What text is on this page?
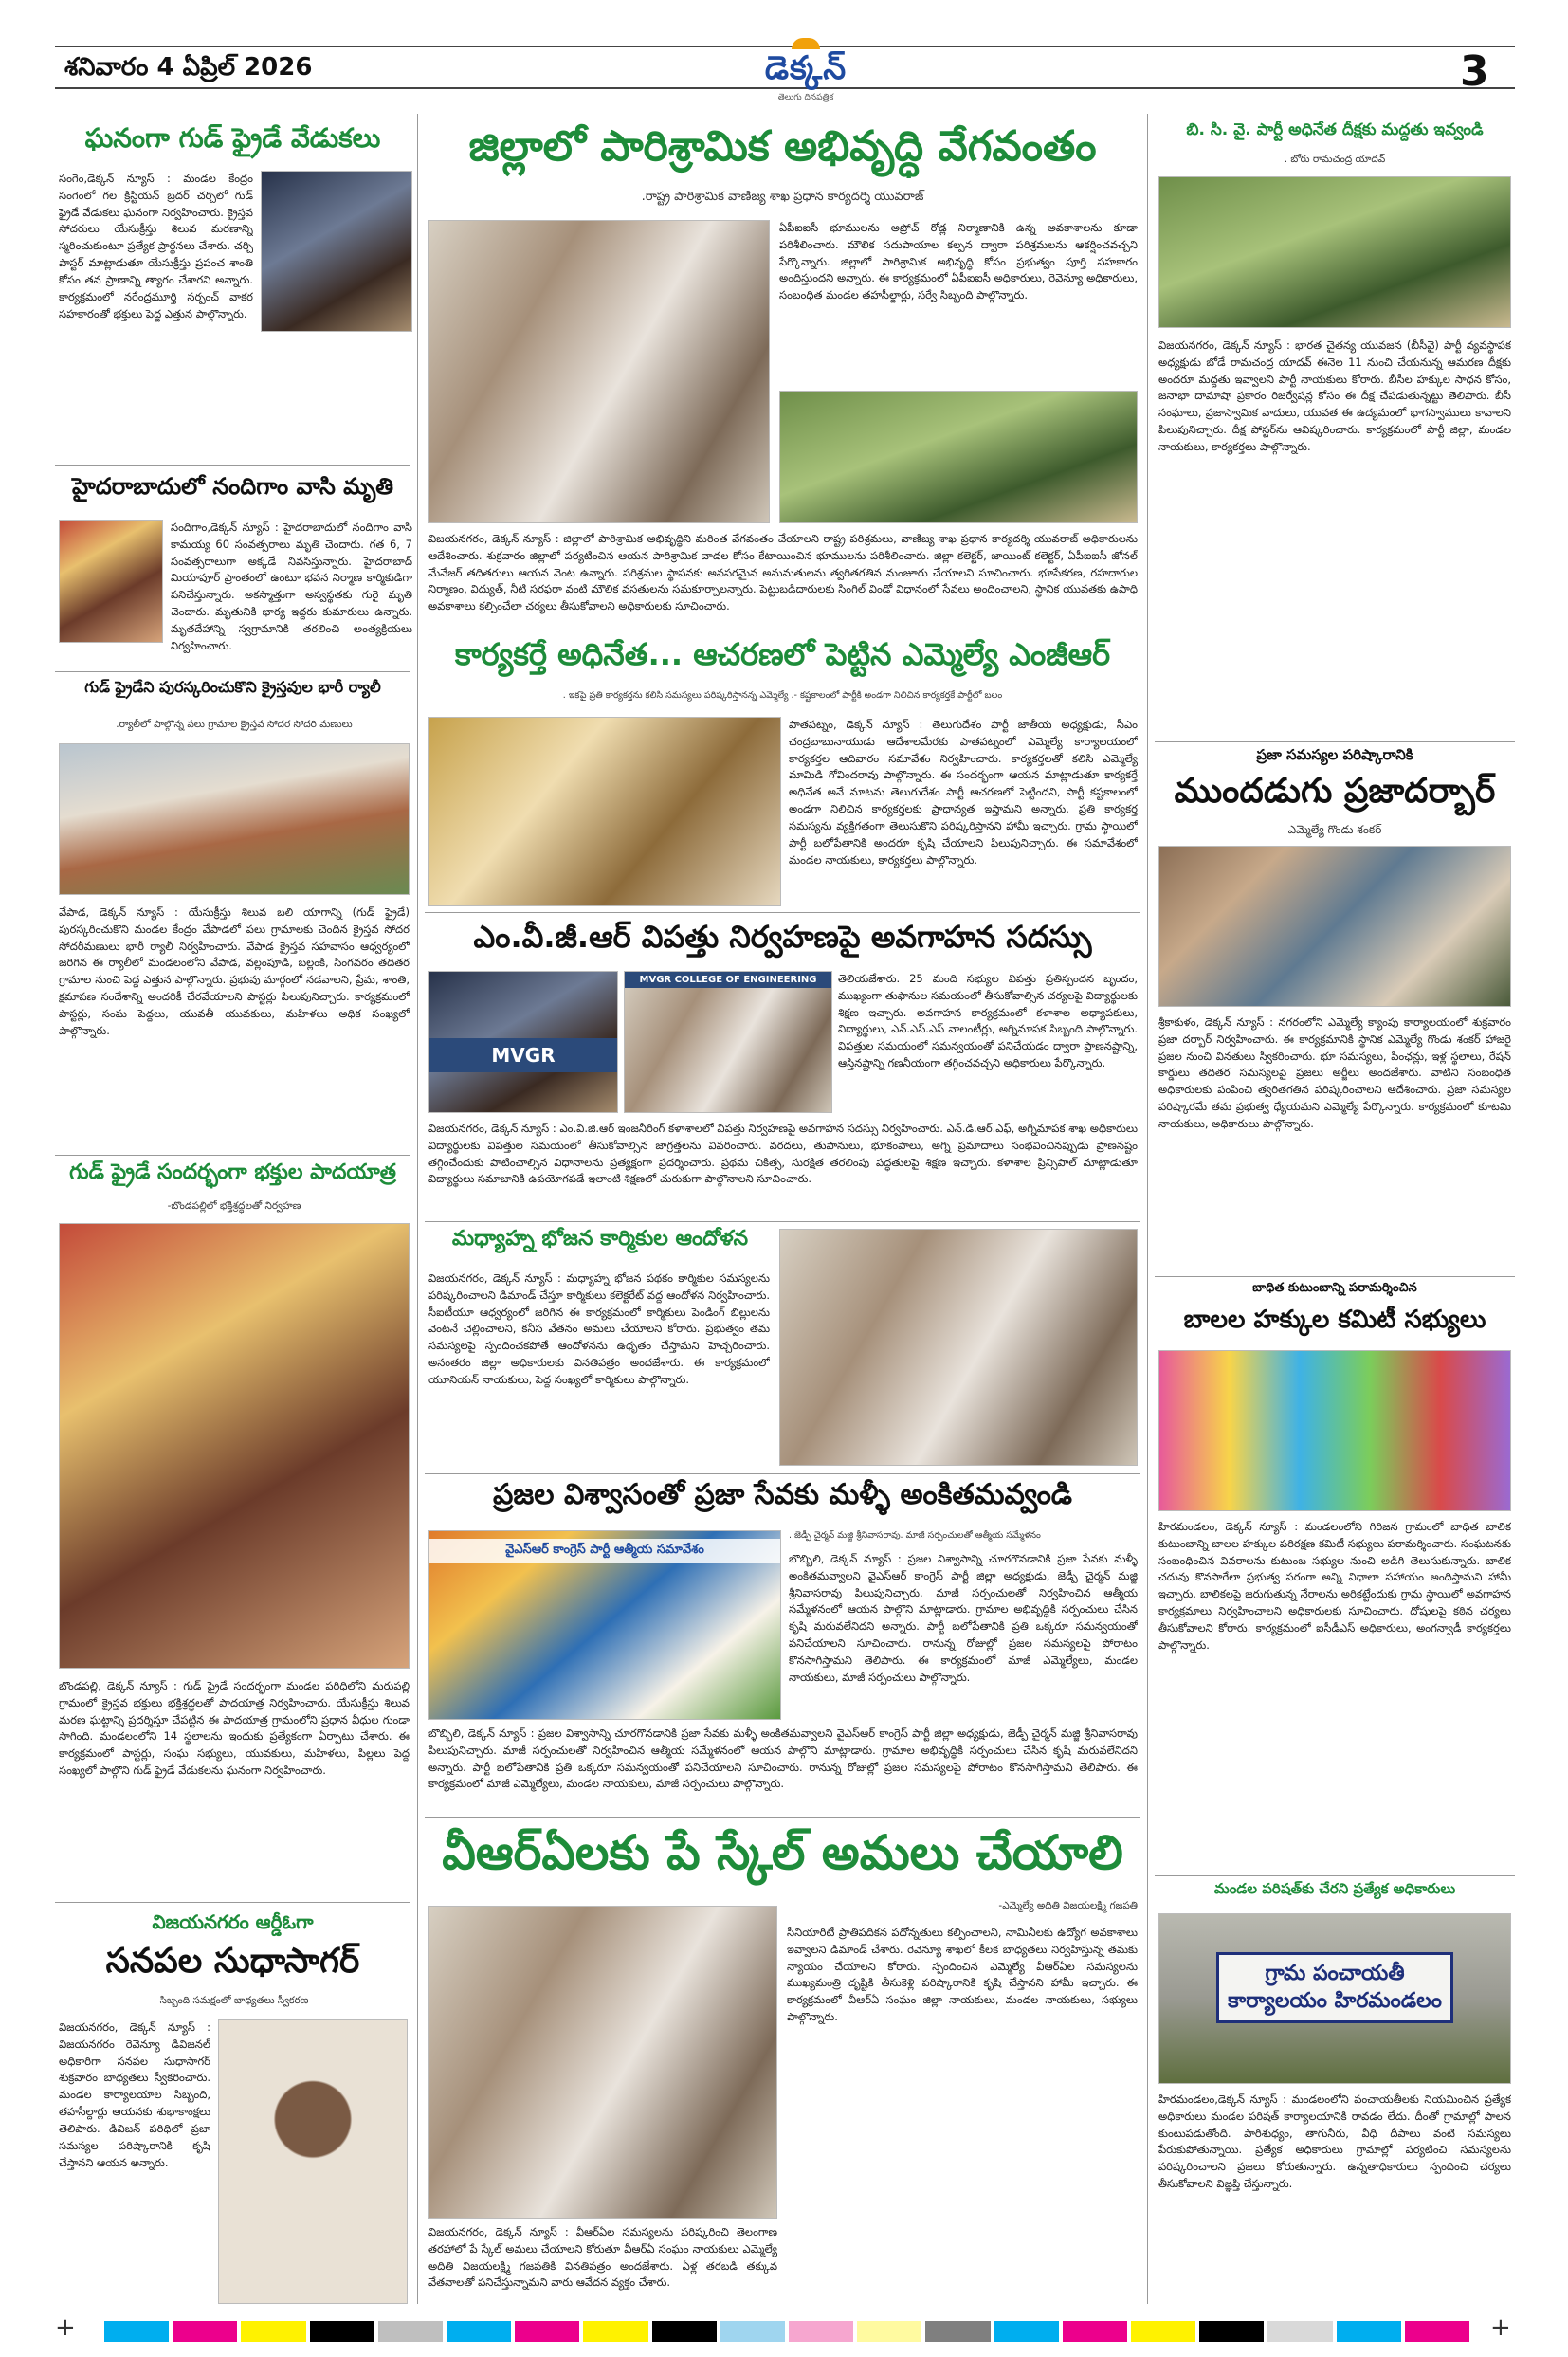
శనివారం 4 ఏప్రిల్ 2026	డెక్కన్
తెలుగు దినపత్రిక
3
ఘనంగా గుడ్ ఫ్రైడే వేడుకలు
సంగెం,డెక్కన్ న్యూస్ : మండల కేంద్రం సంగెంలో గల క్రిస్టియన్ బ్రదర్ చర్చిలో గుడ్ ఫ్రైడే వేడుకలు ఘనంగా నిర్వహించారు. క్రైస్తవ సోదరులు యేసుక్రీస్తు శిలువ మరణాన్ని స్మరించుకుంటూ ప్రత్యేక ప్రార్థనలు చేశారు. చర్చి పాస్టర్ మాట్లాడుతూ యేసుక్రీస్తు ప్రపంచ శాంతి కోసం తన ప్రాణాన్ని త్యాగం చేశారని అన్నారు. కార్యక్రమంలో నరేంద్రమూర్తి సర్పంచ్ వాకర సహకారంతో భక్తులు పెద్ద ఎత్తున పాల్గొన్నారు.
హైదరాబాదులో నందిగాం వాసి మృతి
సందిగాం,డెక్కన్ న్యూస్ : హైదరాబాదులో నందిగాం వాసి కామయ్య 60 సంవత్సరాలు మృతి చెందారు. గత 6, 7 సంవత్సరాలుగా అక్కడే నివసిస్తున్నారు. హైదరాబాద్ మియాపూర్ ప్రాంతంలో ఉంటూ భవన నిర్మాణ కార్మికుడిగా పనిచేస్తున్నారు. అకస్మాత్తుగా అస్వస్థతకు గురై మృతి చెందారు. మృతునికి భార్య ఇద్దరు కుమారులు ఉన్నారు. మృతదేహాన్ని స్వగ్రామానికి తరలించి అంత్యక్రియలు నిర్వహించారు.
గుడ్ ఫ్రైడేని పురస్కరించుకొని క్రైస్తవుల భారీ ర్యాలీ
.ర్యాలీలో పాల్గొన్న పలు గ్రామాల క్రైస్తవ సోదర సోదరి మణులు
వేపాడ, డెక్కన్ న్యూస్ : యేసుక్రీస్తు శిలువ బలి యాగాన్ని (గుడ్ ఫ్రైడే) పురస్కరించుకొని మండల కేంద్రం వేపాడలో పలు గ్రామాలకు చెందిన క్రైస్తవ సోదర సోదరీమణులు భారీ ర్యాలీ నిర్వహించారు. వేపాడ క్రైస్తవ సహవాసం ఆధ్వర్యంలో జరిగిన ఈ ర్యాలీలో మండలంలోని వేపాడ, వల్లంపూడి, బల్లంకి, సింగవరం తదితర గ్రామాల నుంచి పెద్ద ఎత్తున పాల్గొన్నారు. ప్రభువు మార్గంలో నడవాలని, ప్రేమ, శాంతి, క్షమాపణ సందేశాన్ని అందరికీ చేరవేయాలని పాస్టర్లు పిలుపునిచ్చారు. కార్యక్రమంలో పాస్టర్లు, సంఘ పెద్దలు, యువతీ యువకులు, మహిళలు అధిక సంఖ్యలో పాల్గొన్నారు.
గుడ్ ఫ్రైడే సందర్భంగా భక్తుల పాదయాత్ర
-బొండపల్లిలో భక్తిశ్రద్ధలతో నిర్వహణ
బొండపల్లి, డెక్కన్ న్యూస్ : గుడ్ ఫ్రైడే సందర్భంగా మండల పరిధిలోని మరుపల్లి గ్రామంలో క్రైస్తవ భక్తులు భక్తిశ్రద్ధలతో పాదయాత్ర నిర్వహించారు. యేసుక్రీస్తు శిలువ మరణ ఘట్టాన్ని ప్రదర్శిస్తూ చేపట్టిన ఈ పాదయాత్ర గ్రామంలోని ప్రధాన వీధుల గుండా సాగింది. మండలంలోని 14 స్థలాలను ఇందుకు ప్రత్యేకంగా ఏర్పాటు చేశారు. ఈ కార్యక్రమంలో పాస్టర్లు, సంఘ సభ్యులు, యువకులు, మహిళలు, పిల్లలు పెద్ద సంఖ్యలో పాల్గొని గుడ్ ఫ్రైడే వేడుకలను ఘనంగా నిర్వహించారు.
విజయనగరం ఆర్డీఓగా
సనపల సుధాసాగర్
సిబ్బంది సమక్షంలో బాధ్యతలు స్వీకరణ
విజయనగరం, డెక్కన్ న్యూస్ : విజయనగరం రెవెన్యూ డివిజనల్ అధికారిగా సనపల సుధాసాగర్ శుక్రవారం బాధ్యతలు స్వీకరించారు. మండల కార్యాలయాల సిబ్బంది, తహసీల్దార్లు ఆయనకు శుభాకాంక్షలు తెలిపారు. డివిజన్ పరిధిలో ప్రజా సమస్యల పరిష్కారానికి కృషి చేస్తానని ఆయన అన్నారు.
జిల్లాలో పారిశ్రామిక అభివృద్ధి వేగవంతం
.రాష్ట్ర పారిశ్రామిక వాణిజ్య శాఖ ప్రధాన కార్యదర్శి యువరాజ్
ఏపీఐఐసీ భూములను అప్రోచ్ రోడ్ల నిర్మాణానికి ఉన్న అవకాశాలను కూడా పరిశీలించారు. మౌలిక సదుపాయాల కల్పన ద్వారా పరిశ్రమలను ఆకర్షించవచ్చని పేర్కొన్నారు. జిల్లాలో పారిశ్రామిక అభివృద్ధి కోసం ప్రభుత్వం పూర్తి సహకారం అందిస్తుందని అన్నారు. ఈ కార్యక్రమంలో ఏపీఐఐసీ అధికారులు, రెవెన్యూ అధికారులు, సంబంధిత మండల తహసీల్దార్లు, సర్వే సిబ్బంది పాల్గొన్నారు.
విజయనగరం, డెక్కన్ న్యూస్ : జిల్లాలో పారిశ్రామిక అభివృద్ధిని మరింత వేగవంతం చేయాలని రాష్ట్ర పరిశ్రమలు, వాణిజ్య శాఖ ప్రధాన కార్యదర్శి యువరాజ్ అధికారులను ఆదేశించారు. శుక్రవారం జిల్లాలో పర్యటించిన ఆయన పారిశ్రామిక వాడల కోసం కేటాయించిన భూములను పరిశీలించారు. జిల్లా కలెక్టర్, జాయింట్ కలెక్టర్, ఏపీఐఐసీ జోనల్ మేనేజర్ తదితరులు ఆయన వెంట ఉన్నారు. పరిశ్రమల స్థాపనకు అవసరమైన అనుమతులను త్వరితగతిన మంజూరు చేయాలని సూచించారు. భూసేకరణ, రహదారుల నిర్మాణం, విద్యుత్, నీటి సరఫరా వంటి మౌలిక వసతులను సమకూర్చాలన్నారు. పెట్టుబడిదారులకు సింగిల్ విండో విధానంలో సేవలు అందించాలని, స్థానిక యువతకు ఉపాధి అవకాశాలు కల్పించేలా చర్యలు తీసుకోవాలని అధికారులకు సూచించారు.
కార్యకర్తే అధినేత... ఆచరణలో పెట్టిన ఎమ్మెల్యే ఎంజీఆర్
. ఇకపై ప్రతి కార్యకర్తను కలిసి సమస్యలు పరిష్కరిస్తానన్న ఎమ్మెల్యే .- కష్టకాలంలో పార్టీకి అండగా నిలిచిన కార్యకర్తకే పార్టీలో బలం
పాతపట్నం, డెక్కన్ న్యూస్ : తెలుగుదేశం పార్టీ జాతీయ అధ్యక్షుడు, సీఎం చంద్రబాబునాయుడు ఆదేశాలమేరకు పాతపట్నంలో ఎమ్మెల్యే కార్యాలయంలో కార్యకర్తల ఆదివారం సమావేశం నిర్వహించారు. కార్యకర్తలతో కలిసి ఎమ్మెల్యే మామిడి గోవిందరావు పాల్గొన్నారు. ఈ సందర్భంగా ఆయన మాట్లాడుతూ కార్యకర్తే అధినేత అనే మాటను తెలుగుదేశం పార్టీ ఆచరణలో పెట్టిందని, పార్టీ కష్టకాలంలో అండగా నిలిచిన కార్యకర్తలకు ప్రాధాన్యత ఇస్తామని అన్నారు. ప్రతి కార్యకర్త సమస్యను వ్యక్తిగతంగా తెలుసుకొని పరిష్కరిస్తానని హామీ ఇచ్చారు. గ్రామ స్థాయిలో పార్టీ బలోపేతానికి అందరూ కృషి చేయాలని పిలుపునిచ్చారు. ఈ సమావేశంలో మండల నాయకులు, కార్యకర్తలు పాల్గొన్నారు.
ఎం.వీ.జీ.ఆర్ విపత్తు నిర్వహణపై అవగాహన సదస్సు
MVGR
MVGR COLLEGE OF ENGINEERING	తెలియజేశారు. 25 మంది సభ్యుల విపత్తు ప్రతిస్పందన బృందం, ముఖ్యంగా తుఫానుల సమయంలో తీసుకోవాల్సిన చర్యలపై విద్యార్థులకు శిక్షణ ఇచ్చారు. అవగాహన కార్యక్రమంలో కళాశాల అధ్యాపకులు, విద్యార్థులు, ఎన్.ఎస్.ఎస్ వాలంటీర్లు, అగ్నిమాపక సిబ్బంది పాల్గొన్నారు. విపత్తుల సమయంలో సమన్వయంతో పనిచేయడం ద్వారా ప్రాణనష్టాన్ని, ఆస్తినష్టాన్ని గణనీయంగా తగ్గించవచ్చని అధికారులు పేర్కొన్నారు.
విజయనగరం, డెక్కన్ న్యూస్ : ఎం.వి.జి.ఆర్ ఇంజనీరింగ్ కళాశాలలో విపత్తు నిర్వహణపై అవగాహన సదస్సు నిర్వహించారు. ఎన్.డి.ఆర్.ఎఫ్, అగ్నిమాపక శాఖ అధికారులు విద్యార్థులకు విపత్తుల సమయంలో తీసుకోవాల్సిన జాగ్రత్తలను వివరించారు. వరదలు, తుపానులు, భూకంపాలు, అగ్ని ప్రమాదాలు సంభవించినప్పుడు ప్రాణనష్టం తగ్గించేందుకు పాటించాల్సిన విధానాలను ప్రత్యక్షంగా ప్రదర్శించారు. ప్రథమ చికిత్స, సురక్షిత తరలింపు పద్ధతులపై శిక్షణ ఇచ్చారు. కళాశాల ప్రిన్సిపాల్ మాట్లాడుతూ విద్యార్థులు సమాజానికి ఉపయోగపడే ఇలాంటి శిక్షణలో చురుకుగా పాల్గొనాలని సూచించారు.
మధ్యాహ్న భోజన కార్మికుల ఆందోళన
విజయనగరం, డెక్కన్ న్యూస్ : మధ్యాహ్న భోజన పథకం కార్మికుల సమస్యలను పరిష్కరించాలని డిమాండ్ చేస్తూ కార్మికులు కలెక్టరేట్ వద్ద ఆందోళన నిర్వహించారు. సీఐటీయూ ఆధ్వర్యంలో జరిగిన ఈ కార్యక్రమంలో కార్మికులు పెండింగ్ బిల్లులను వెంటనే చెల్లించాలని, కనీస వేతనం అమలు చేయాలని కోరారు. ప్రభుత్వం తమ సమస్యలపై స్పందించకపోతే ఆందోళనను ఉధృతం చేస్తామని హెచ్చరించారు. అనంతరం జిల్లా అధికారులకు వినతిపత్రం అందజేశారు. ఈ కార్యక్రమంలో యూనియన్ నాయకులు, పెద్ద సంఖ్యలో కార్మికులు పాల్గొన్నారు.
ప్రజల విశ్వాసంతో ప్రజా సేవకు మళ్ళీ అంకితమవ్వండి
వైఎస్ఆర్ కాంగ్రెస్ పార్టీ ఆత్మీయ సమావేశం
. జెడ్పీ చైర్మన్ మజ్జి శ్రీనివాసరావు. మాజీ సర్పంచులతో ఆత్మీయ సమ్మేళనం
బొబ్బిలి, డెక్కన్ న్యూస్ : ప్రజల విశ్వాసాన్ని చూరగొనడానికి ప్రజా సేవకు మళ్ళీ అంకితమవ్వాలని వైఎస్ఆర్ కాంగ్రెస్ పార్టీ జిల్లా అధ్యక్షుడు, జెడ్పీ చైర్మన్ మజ్జి శ్రీనివాసరావు పిలుపునిచ్చారు. మాజీ సర్పంచులతో నిర్వహించిన ఆత్మీయ సమ్మేళనంలో ఆయన పాల్గొని మాట్లాడారు. గ్రామాల అభివృద్ధికి సర్పంచులు చేసిన కృషి మరువలేనిదని అన్నారు. పార్టీ బలోపేతానికి ప్రతి ఒక్కరూ సమన్వయంతో పనిచేయాలని సూచించారు. రానున్న రోజుల్లో ప్రజల సమస్యలపై పోరాటం కొనసాగిస్తామని తెలిపారు. ఈ కార్యక్రమంలో మాజీ ఎమ్మెల్యేలు, మండల నాయకులు, మాజీ సర్పంచులు పాల్గొన్నారు.
బొబ్బిలి, డెక్కన్ న్యూస్ : ప్రజల విశ్వాసాన్ని చూరగొనడానికి ప్రజా సేవకు మళ్ళీ అంకితమవ్వాలని వైఎస్ఆర్ కాంగ్రెస్ పార్టీ జిల్లా అధ్యక్షుడు, జెడ్పీ చైర్మన్ మజ్జి శ్రీనివాసరావు పిలుపునిచ్చారు. మాజీ సర్పంచులతో నిర్వహించిన ఆత్మీయ సమ్మేళనంలో ఆయన పాల్గొని మాట్లాడారు. గ్రామాల అభివృద్ధికి సర్పంచులు చేసిన కృషి మరువలేనిదని అన్నారు. పార్టీ బలోపేతానికి ప్రతి ఒక్కరూ సమన్వయంతో పనిచేయాలని సూచించారు. రానున్న రోజుల్లో ప్రజల సమస్యలపై పోరాటం కొనసాగిస్తామని తెలిపారు. ఈ కార్యక్రమంలో మాజీ ఎమ్మెల్యేలు, మండల నాయకులు, మాజీ సర్పంచులు పాల్గొన్నారు.
వీఆర్ఏలకు పే స్కేల్ అమలు చేయాలి
-ఎమ్మెల్యే అదితి విజయలక్ష్మి గజపతి
సీనియారిటీ ప్రాతిపదికన పదోన్నతులు కల్పించాలని, నామినీలకు ఉద్యోగ అవకాశాలు ఇవ్వాలని డిమాండ్ చేశారు. రెవెన్యూ శాఖలో కీలక బాధ్యతలు నిర్వహిస్తున్న తమకు న్యాయం చేయాలని కోరారు. స్పందించిన ఎమ్మెల్యే వీఆర్ఏల సమస్యలను ముఖ్యమంత్రి దృష్టికి తీసుకెళ్లి పరిష్కారానికి కృషి చేస్తానని హామీ ఇచ్చారు. ఈ కార్యక్రమంలో వీఆర్ఏ సంఘం జిల్లా నాయకులు, మండల నాయకులు, సభ్యులు పాల్గొన్నారు.
విజయనగరం, డెక్కన్ న్యూస్ : వీఆర్ఏల సమస్యలను పరిష్కరించి తెలంగాణ తరహాలో పే స్కేల్ అమలు చేయాలని కోరుతూ వీఆర్ఏ సంఘం నాయకులు ఎమ్మెల్యే అదితి విజయలక్ష్మి గజపతికి వినతిపత్రం అందజేశారు. ఏళ్ల తరబడి తక్కువ వేతనాలతో పనిచేస్తున్నామని వారు ఆవేదన వ్యక్తం చేశారు.
బి. సి. వై. పార్టీ అధినేత దీక్షకు మద్దతు ఇవ్వండి
. బోరు రామచంద్ర యాదవ్
విజయనగరం, డెక్కన్ న్యూస్ : భారత చైతన్య యువజన (బీసీవై) పార్టీ వ్యవస్థాపక అధ్యక్షుడు బోడే రామచంద్ర యాదవ్ ఈనెల 11 నుంచి చేయనున్న ఆమరణ దీక్షకు అందరూ మద్దతు ఇవ్వాలని పార్టీ నాయకులు కోరారు. బీసీల హక్కుల సాధన కోసం, జనాభా దామాషా ప్రకారం రిజర్వేషన్ల కోసం ఈ దీక్ష చేపడుతున్నట్టు తెలిపారు. బీసీ సంఘాలు, ప్రజాస్వామిక వాదులు, యువత ఈ ఉద్యమంలో భాగస్వాములు కావాలని పిలుపునిచ్చారు. దీక్ష పోస్టర్‌ను ఆవిష్కరించారు. కార్యక్రమంలో పార్టీ జిల్లా, మండల నాయకులు, కార్యకర్తలు పాల్గొన్నారు.
ప్రజా సమస్యల పరిష్కారానికి
ముందడుగు ప్రజాదర్బార్
ఎమ్మెల్యే గొండు శంకర్
శ్రీకాకుళం, డెక్కన్ న్యూస్ : నగరంలోని ఎమ్మెల్యే క్యాంపు కార్యాలయంలో శుక్రవారం ప్రజా దర్బార్ నిర్వహించారు. ఈ కార్యక్రమానికి స్థానిక ఎమ్మెల్యే గొండు శంకర్ హాజరై ప్రజల నుంచి వినతులు స్వీకరించారు. భూ సమస్యలు, పింఛన్లు, ఇళ్ల స్థలాలు, రేషన్ కార్డులు తదితర సమస్యలపై ప్రజలు అర్జీలు అందజేశారు. వాటిని సంబంధిత అధికారులకు పంపించి త్వరితగతిన పరిష్కరించాలని ఆదేశించారు. ప్రజా సమస్యల పరిష్కారమే తమ ప్రభుత్వ ధ్యేయమని ఎమ్మెల్యే పేర్కొన్నారు. కార్యక్రమంలో కూటమి నాయకులు, అధికారులు పాల్గొన్నారు.
బాధిత కుటుంబాన్ని పరామర్శించిన
బాలల హక్కుల కమిటీ సభ్యులు
హిరమండలం, డెక్కన్ న్యూస్ : మండలంలోని గిరిజన గ్రామంలో బాధిత బాలిక కుటుంబాన్ని బాలల హక్కుల పరిరక్షణ కమిటీ సభ్యులు పరామర్శించారు. సంఘటనకు సంబంధించిన వివరాలను కుటుంబ సభ్యుల నుంచి అడిగి తెలుసుకున్నారు. బాలిక చదువు కొనసాగేలా ప్రభుత్వ పరంగా అన్ని విధాలా సహాయం అందిస్తామని హామీ ఇచ్చారు. బాలికలపై జరుగుతున్న నేరాలను అరికట్టేందుకు గ్రామ స్థాయిలో అవగాహన కార్యక్రమాలు నిర్వహించాలని అధికారులకు సూచించారు. దోషులపై కఠిన చర్యలు తీసుకోవాలని కోరారు. కార్యక్రమంలో ఐసీడీఎస్ అధికారులు, అంగన్వాడీ కార్యకర్తలు పాల్గొన్నారు.
మండల పరిషత్‌కు చేరని ప్రత్యేక అధికారులు
గ్రామ పంచాయతీ కార్యాలయం హిరమండలం
హిరమండలం,డెక్కన్ న్యూస్ : మండలంలోని పంచాయతీలకు నియమించిన ప్రత్యేక అధికారులు మండల పరిషత్ కార్యాలయానికి రావడం లేదు. దీంతో గ్రామాల్లో పాలన కుంటుపడుతోంది. పారిశుధ్యం, తాగునీరు, వీధి దీపాలు వంటి సమస్యలు పేరుకుపోతున్నాయి. ప్రత్యేక అధికారులు గ్రామాల్లో పర్యటించి సమస్యలను పరిష్కరించాలని ప్రజలు కోరుతున్నారు. ఉన్నతాధికారులు స్పందించి చర్యలు తీసుకోవాలని విజ్ఞప్తి చేస్తున్నారు.
+	+
